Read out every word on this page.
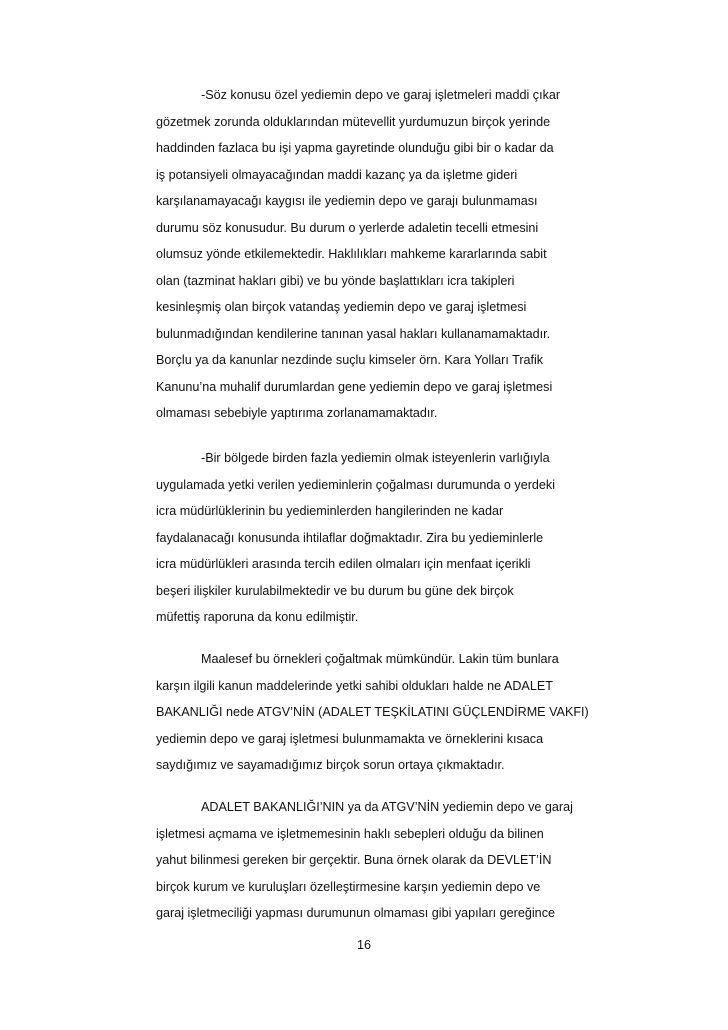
-Söz konusu özel yediemin depo ve garaj işletmeleri maddi çıkar
gözetmek zorunda olduklarından mütevellit yurdumuzun birçok yerinde
haddinden fazlaca bu işi yapma gayretinde olunduğu gibi bir o kadar da
iş potansiyeli olmayacağından maddi kazanç ya da işletme gideri
karşılanamayacağı kaygısı ile yediemin depo ve garajı bulunmaması
durumu söz konusudur. Bu durum o yerlerde adaletin tecelli etmesini
olumsuz yönde etkilemektedir. Haklılıkları mahkeme kararlarında sabit
olan (tazminat hakları gibi) ve bu yönde başlattıkları icra takipleri
kesinleşmiş olan birçok vatandaş yediemin depo ve garaj işletmesi
bulunmadığından kendilerine tanınan yasal hakları kullanamamaktadır.
Borçlu ya da kanunlar nezdinde suçlu kimseler örn. Kara Yolları Trafik
Kanunu’na muhalif durumlardan gene yediemin depo ve garaj işletmesi
olmaması sebebiyle yaptırıma zorlanamamaktadır.
-Bir bölgede birden fazla yediemin olmak isteyenlerin varlığıyla
uygulamada yetki verilen yedieminlerin çoğalması durumunda o yerdeki
icra müdürlüklerinin bu yedieminlerden hangilerinden ne kadar
faydalanacağı konusunda ihtilaflar doğmaktadır. Zira bu yedieminlerle
icra müdürlükleri arasında tercih edilen olmaları için menfaat içerikli
beşeri ilişkiler kurulabilmektedir ve bu durum bu güne dek birçok
müfettiş raporuna da konu edilmiştir.
Maalesef bu örnekleri çoğaltmak mümkündür. Lakin tüm bunlara
karşın ilgili kanun maddelerinde yetki sahibi oldukları halde ne ADALET
BAKANLIĞI nede ATGV’NİN (ADALET TEŞKİLATINI GÜÇLENDİRME VAKFI)
yediemin depo ve garaj işletmesi bulunmamakta ve örneklerini kısaca
saydığımız ve sayamadığımız birçok sorun ortaya çıkmaktadır.
ADALET BAKANLIĞI’NIN ya da ATGV’NİN yediemin depo ve garaj
işletmesi açmama ve işletmemesinin haklı sebepleri olduğu da bilinen
yahut bilinmesi gereken bir gerçektir. Buna örnek olarak da DEVLET’İN
birçok kurum ve kuruluşları özelleştirmesine karşın yediemin depo ve
garaj işletmeciliği yapması durumunun olmaması gibi yapıları gereğince
16
